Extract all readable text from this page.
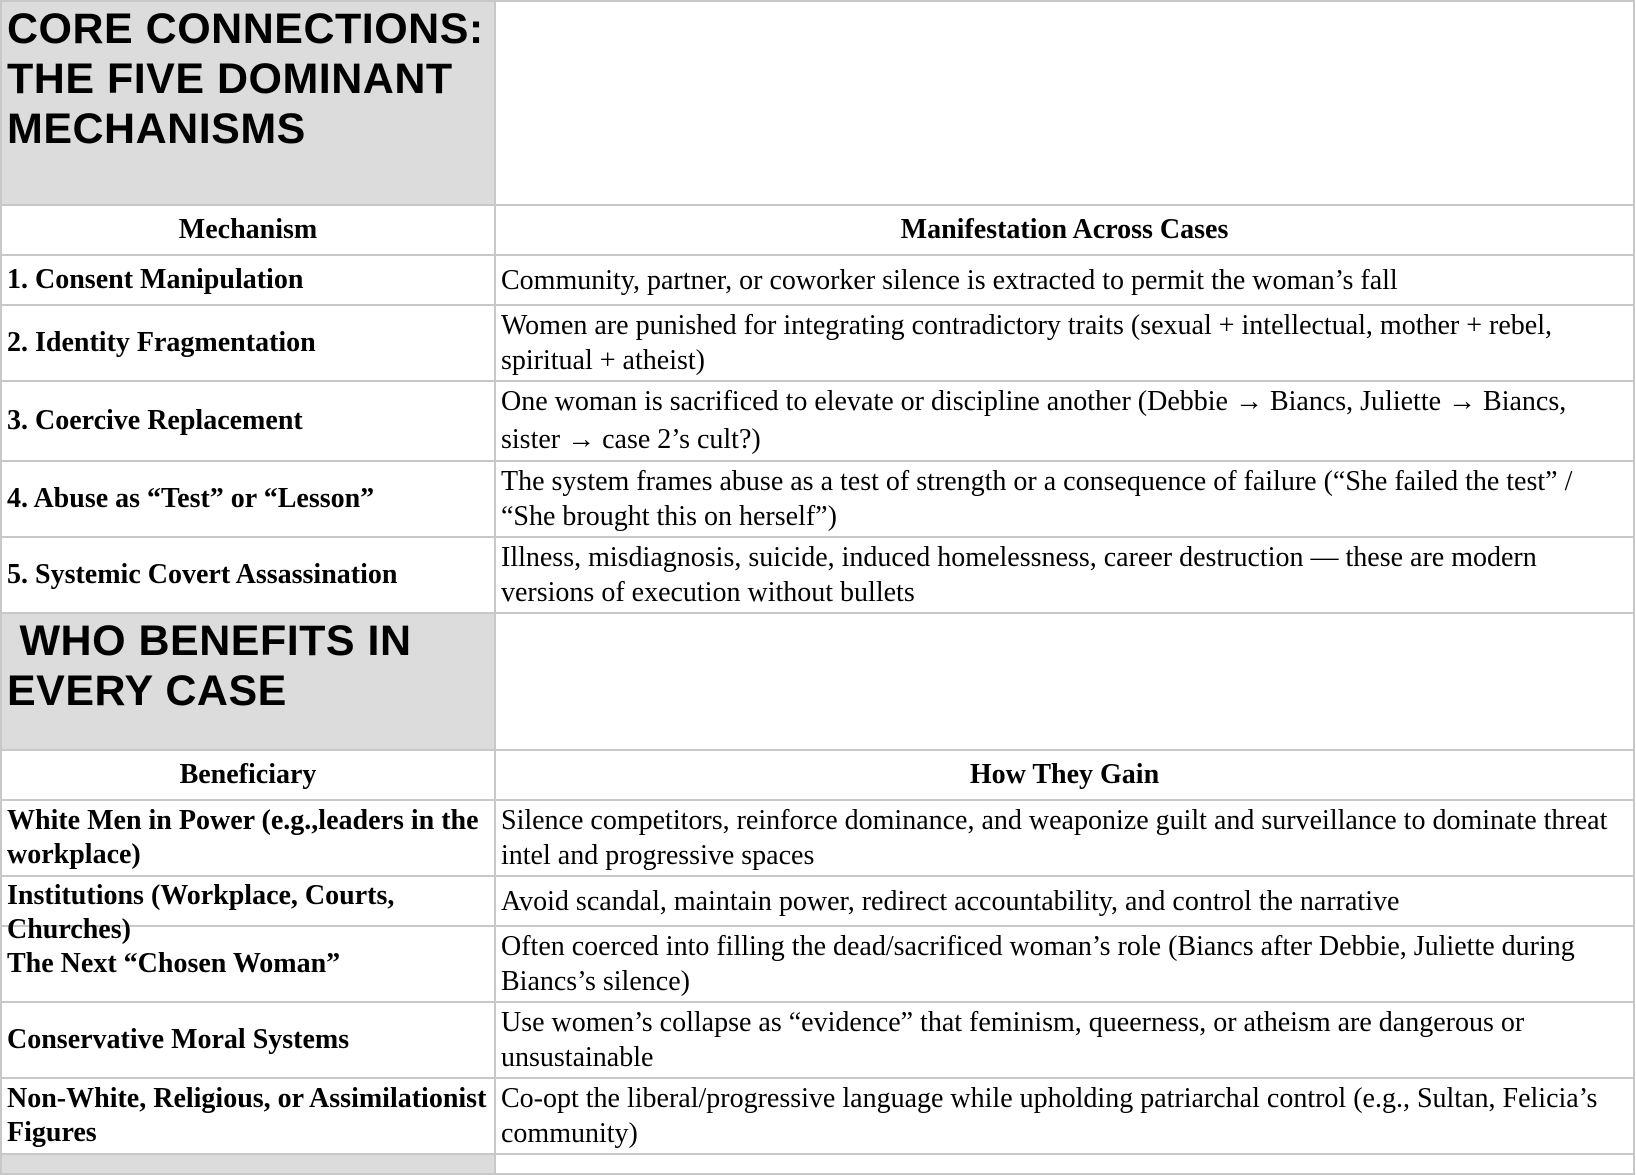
CORE CONNECTIONS: THE FIVE DOMINANT MECHANISMS	
Mechanism	Manifestation Across Cases
1. Consent Manipulation	Community, partner, or coworker silence is extracted to permit the woman’s fall
2. Identity Fragmentation	Women are punished for integrating contradictory traits (sexual + intellectual, mother + rebel, spiritual + atheist)
3. Coercive Replacement	One woman is sacrificed to elevate or discipline another (Debbie → Biancs, Juliette → Biancs, sister → case 2’s cult?)
4. Abuse as “Test” or “Lesson”	The system frames abuse as a test of strength or a consequence of failure (“She failed the test” / “She brought this on herself”)
5. Systemic Covert Assassination	Illness, misdiagnosis, suicide, induced homelessness, career destruction — these are modern versions of execution without bullets
WHO BENEFITS IN EVERY CASE	
Beneficiary	How They Gain
White Men in Power (e.g.,leaders in the workplace)	Silence competitors, reinforce dominance, and weaponize guilt and surveillance to dominate threat intel and progressive spaces

Institutions (Workplace, Courts, Churches)	Avoid scandal, maintain power, redirect accountability, and control the narrative
The Next “Chosen Woman”	Often coerced into filling the dead/sacrificed woman’s role (Biancs after Debbie, Juliette during Biancs’s silence)
Conservative Moral Systems	Use women’s collapse as “evidence” that feminism, queerness, or atheism are dangerous or unsustainable
Non-White, Religious, or Assimilationist Figures	Co-opt the liberal/progressive language while upholding patriarchal control (e.g., Sultan, Felicia’s community)
